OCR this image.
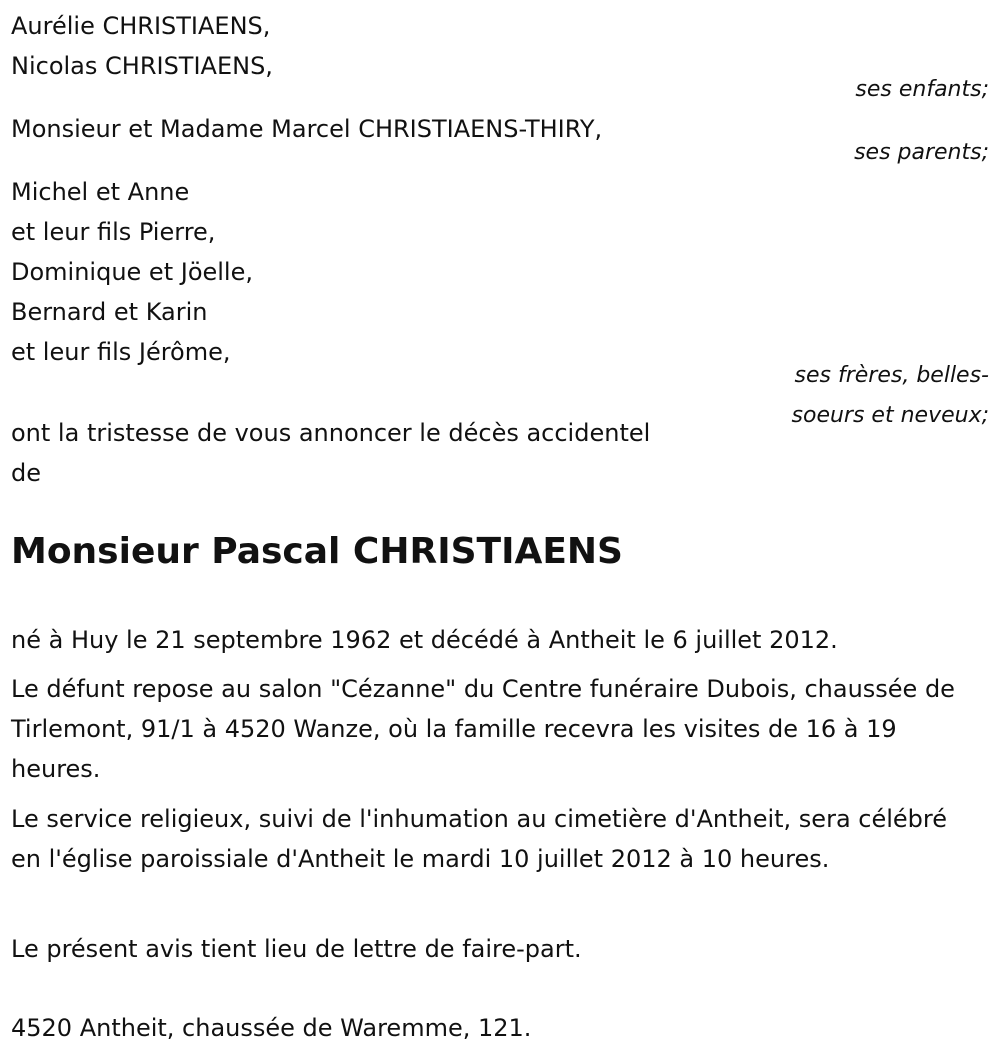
Aurélie CHRISTIAENS,
Nicolas CHRISTIAENS,
ses enfants;
Monsieur et Madame Marcel CHRISTIAENS-THIRY,
ses parents;
Michel et Anne
et leur fils Pierre,
Dominique et Jöelle,
Bernard et Karin
et leur fils Jérôme,
ses frères, belles-
soeurs et neveux;
ont la tristesse de vous annoncer le décès accidentel
de
Monsieur Pascal CHRISTIAENS
né à Huy le 21 septembre 1962 et décédé à Antheit le 6 juillet 2012.
Le défunt repose au salon "Cézanne" du Centre funéraire Dubois, chaussée de Tirlemont, 91/1 à 4520 Wanze, où la famille recevra les visites de 16 à 19 heures.
Le service religieux, suivi de l'inhumation au cimetière d'Antheit, sera célébré en l'église paroissiale d'Antheit le mardi 10 juillet 2012 à 10 heures.
Le présent avis tient lieu de lettre de faire-part.
4520 Antheit, chaussée de Waremme, 121.
